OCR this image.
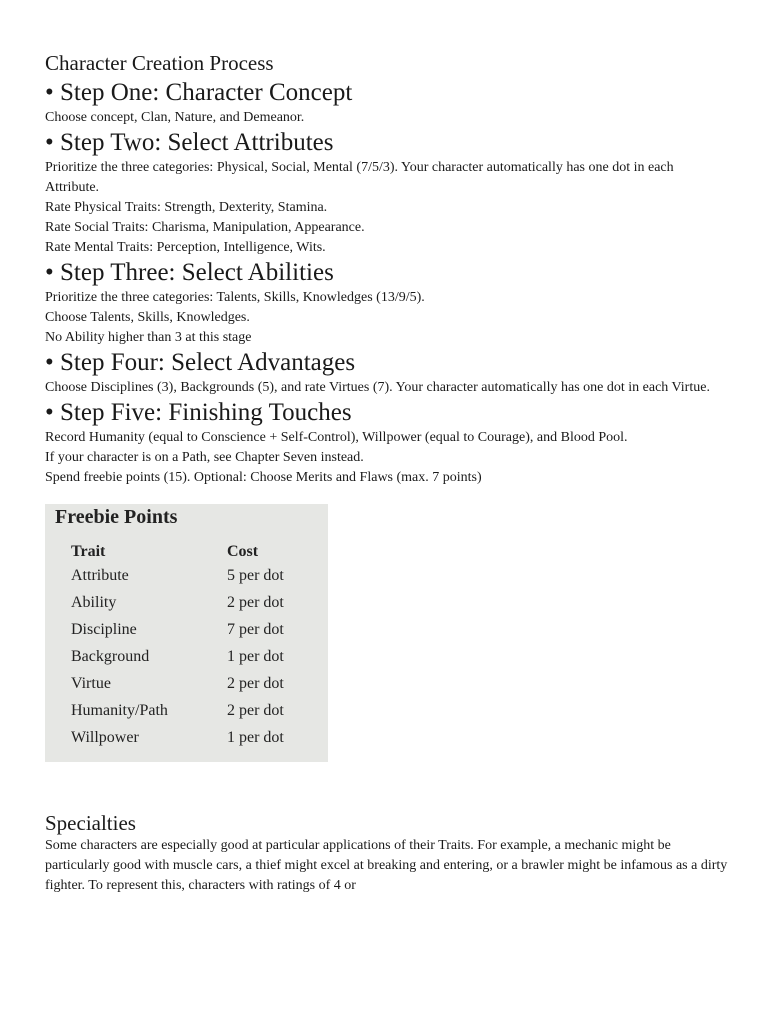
Character Creation Process
• Step One: Character Concept

Choose concept, Clan, Nature, and Demeanor.

• Step Two: Select Attributes

Prioritize the three categories: Physical, Social, Mental (7/5/3). Your character automatically has one dot in each Attribute.

Rate Physical Traits: Strength, Dexterity, Stamina.

Rate Social Traits: Charisma, Manipulation, Appearance.

Rate Mental Traits: Perception, Intelligence, Wits.

• Step Three: Select Abilities

Prioritize the three categories: Talents, Skills, Knowledges (13/9/5).

Choose Talents, Skills, Knowledges.

No Ability higher than 3 at this stage

• Step Four: Select Advantages

Choose Disciplines (3), Backgrounds (5), and rate Virtues (7). Your character automatically has one dot in each Virtue.

• Step Five: Finishing Touches

Record Humanity (equal to Conscience + Self-Control), Willpower (equal to Courage), and Blood Pool.

If your character is on a Path, see Chapter Seven instead.

Spend freebie points (15). Optional: Choose Merits and Flaws (max. 7 points)

Freebie Points
Trait	Cost
Attribute	5 per dot
Ability	2 per dot
Discipline	7 per dot
Background	1 per dot
Virtue	2 per dot
Humanity/Path	2 per dot
Willpower	1 per dot
Specialties

Some characters are especially good at particular applications of their Traits. For example, a mechanic might be particularly good with muscle cars, a thief might excel at breaking and entering, or a brawler might be infamous as a dirty fighter. To represent this, characters with ratings of 4 or
